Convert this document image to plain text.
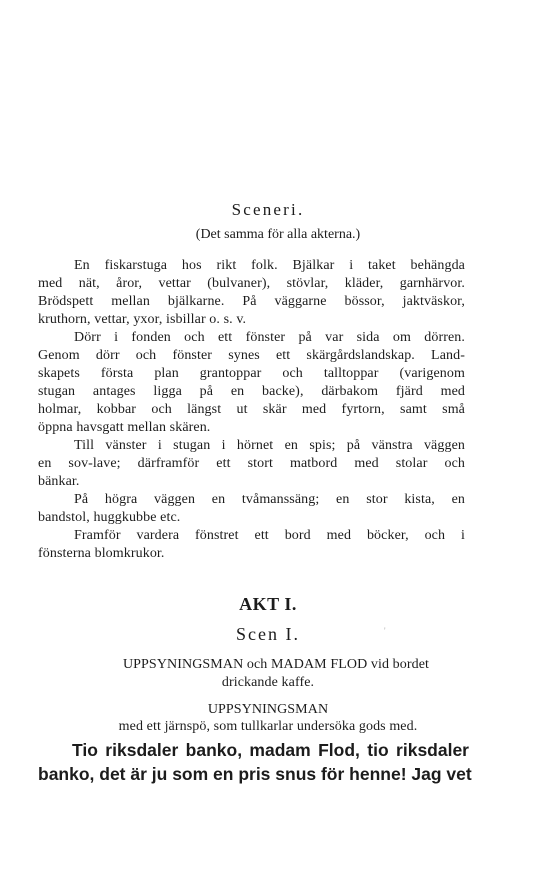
Sceneri.
(Det samma för alla akterna.)
En fiskarstuga hos rikt folk. Bjälkar i taket behängda
med nät, åror, vettar (bulvaner), stövlar, kläder, garnhärvor.
Brödspett mellan bjälkarne. På väggarne bössor, jaktväskor,
kruthorn, vettar, yxor, isbillar o. s. v.
Dörr i fonden och ett fönster på var sida om dörren.
Genom dörr och fönster synes ett skärgårdslandskap. Land-
skapets första plan grantoppar och talltoppar (varigenom
stugan antages ligga på en backe), därbakom fjärd med
holmar, kobbar och längst ut skär med fyrtorn, samt små
öppna havsgatt mellan skären.
Till vänster i stugan i hörnet en spis; på vänstra väggen
en sov-lave; därframför ett stort matbord med stolar och
bänkar.
På högra väggen en tvåmanssäng; en stor kista, en
bandstol, huggkubbe etc.
Framför vardera fönstret ett bord med böcker, och i
fönsterna blomkrukor.
AKT I.
Scen I.	'
UPPSYNINGSMAN och MADAM FLOD vid bordet
drickande kaffe.
UPPSYNINGSMAN
med ett järnspö, som tullkarlar undersöka gods med.
Tio riksdaler banko, madam Flod, tio riksdaler
banko, det är ju som en pris snus för henne! Jag vet
